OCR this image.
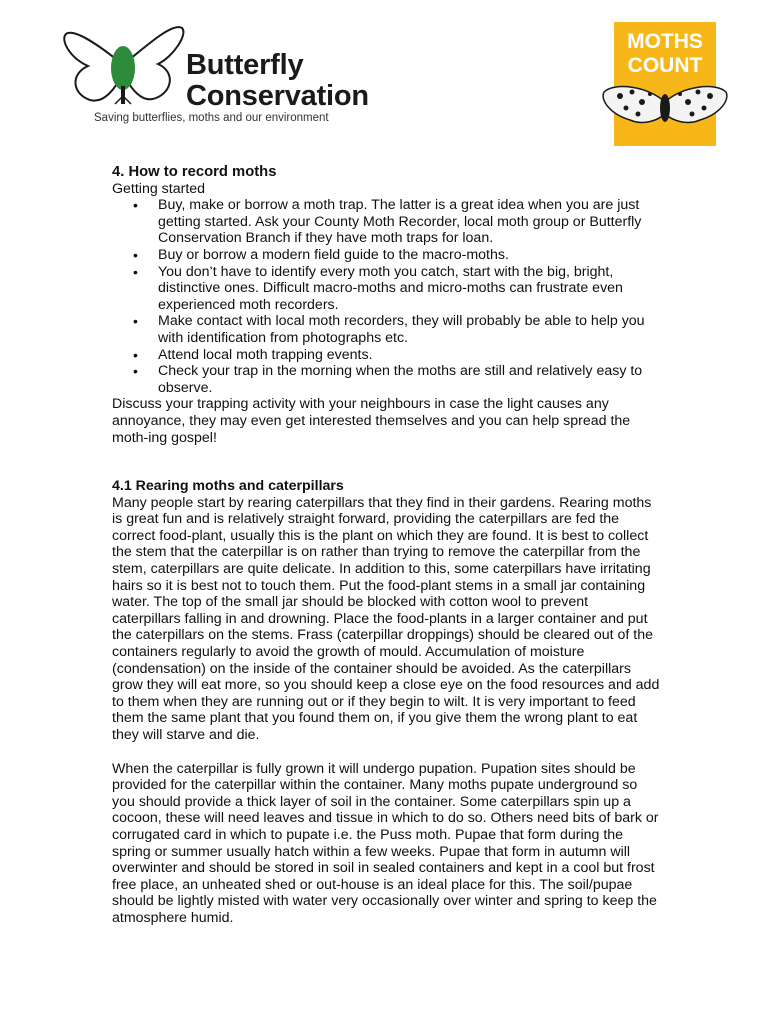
Butterfly
Conservation

Saving butterflies, moths and our environment

MOTHS
COUNT
4. How to record moths

Getting started

• Buy, make or borrow a moth trap. The latter is a great idea when you are just getting started. Ask your County Moth Recorder, local moth group or Butterfly Conservation Branch if they have moth traps for loan.
• Buy or borrow a modern field guide to the macro-moths.
• You don’t have to identify every moth you catch, start with the big, bright, distinctive ones. Difficult macro-moths and micro-moths can frustrate even experienced moth recorders.
• Make contact with local moth recorders, they will probably be able to help you with identification from photographs etc.
• Attend local moth trapping events.
• Check your trap in the morning when the moths are still and relatively easy to observe.

Discuss your trapping activity with your neighbours in case the light causes any annoyance, they may even get interested themselves and you can help spread the moth-ing gospel!

4.1 Rearing moths and caterpillars

Many people start by rearing caterpillars that they find in their gardens. Rearing moths is great fun and is relatively straight forward, providing the caterpillars are fed the correct food-plant, usually this is the plant on which they are found. It is best to collect the stem that the caterpillar is on rather than trying to remove the caterpillar from the stem, caterpillars are quite delicate. In addition to this, some caterpillars have irritating hairs so it is best not to touch them. Put the food-plant stems in a small jar containing water. The top of the small jar should be blocked with cotton wool to prevent caterpillars falling in and drowning. Place the food-plants in a larger container and put the caterpillars on the stems. Frass (caterpillar droppings) should be cleared out of the containers regularly to avoid the growth of mould. Accumulation of moisture (condensation) on the inside of the container should be avoided. As the caterpillars grow they will eat more, so you should keep a close eye on the food resources and add to them when they are running out or if they begin to wilt. It is very important to feed them the same plant that you found them on, if you give them the wrong plant to eat they will starve and die.

When the caterpillar is fully grown it will undergo pupation. Pupation sites should be provided for the caterpillar within the container. Many moths pupate underground so you should provide a thick layer of soil in the container. Some caterpillars spin up a cocoon, these will need leaves and tissue in which to do so. Others need bits of bark or corrugated card in which to pupate i.e. the Puss moth. Pupae that form during the spring or summer usually hatch within a few weeks. Pupae that form in autumn will overwinter and should be stored in soil in sealed containers and kept in a cool but frost free place, an unheated shed or out-house is an ideal place for this. The soil/pupae should be lightly misted with water very occasionally over winter and spring to keep the atmosphere humid.
